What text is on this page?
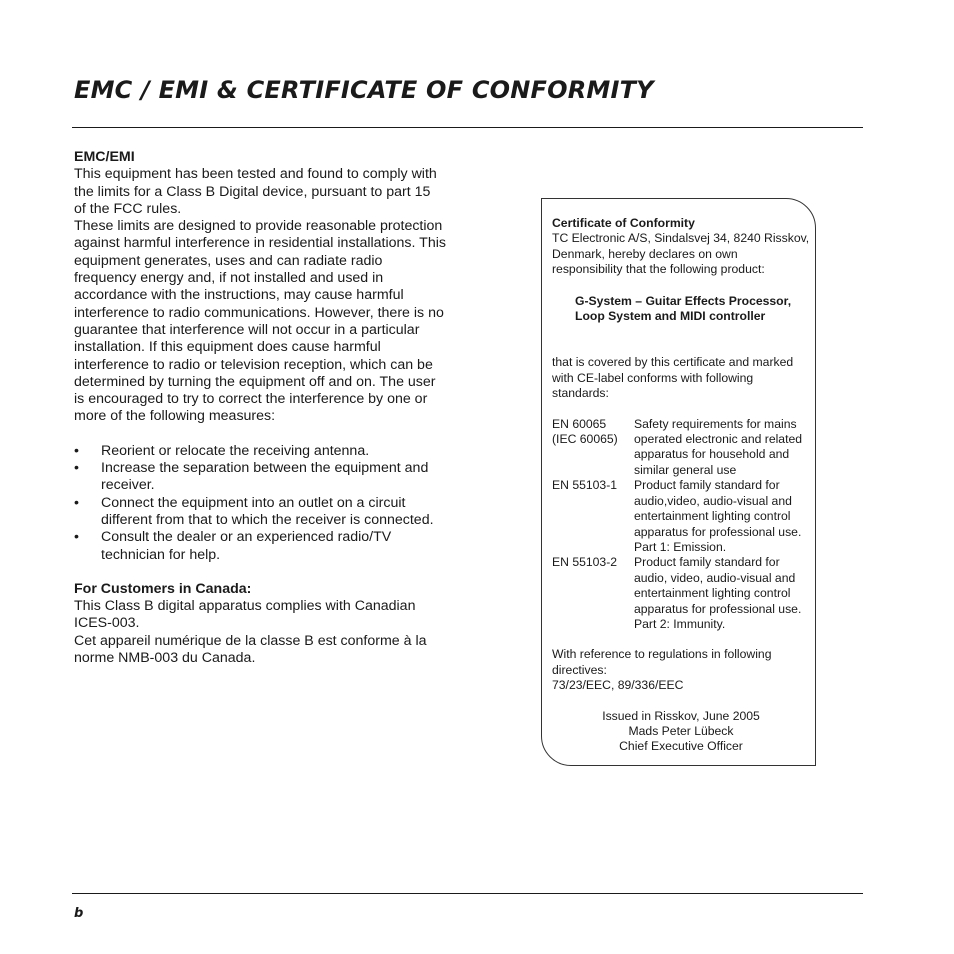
EMC / EMI & CERTIFICATE OF CONFORMITY

EMC/EMI

This equipment has been tested and found to comply with the limits for a Class B Digital device, pursuant to part 15 of the FCC rules.

These limits are designed to provide reasonable protection against harmful interference in residential installations. This equipment generates, uses and can radiate radio frequency energy and, if not installed and used in accordance with the instructions, may cause harmful interference to radio communications. However, there is no guarantee that interference will not occur in a particular installation. If this equipment does cause harmful interference to radio or television reception, which can be determined by turning the equipment off and on. The user is encouraged to try to correct the interference by one or more of the following measures:

• Reorient or relocate the receiving antenna.
• Increase the separation between the equipment and receiver.
• Connect the equipment into an outlet on a circuit different from that to which the receiver is connected.
• Consult the dealer or an experienced radio/TV technician for help.

For Customers in Canada:

This Class B digital apparatus complies with Canadian ICES-003.

Cet appareil numérique de la classe B est conforme à la norme NMB-003 du Canada.

Certificate of Conformity

TC Electronic A/S, Sindalsvej 34, 8240 Risskov, Denmark, hereby declares on own responsibility that the following product:

G-System – Guitar Effects Processor, Loop System and MIDI controller

that is covered by this certificate and marked with CE-label conforms with following standards:

EN 60065
(IEC 60065)
Safety requirements for mains operated electronic and related apparatus for household and similar general use
EN 55103-1	Product family standard for audio,video, audio-visual and entertainment lighting control apparatus for professional use. Part 1: Emission.
EN 55103-2	Product family standard for audio, video, audio-visual and entertainment lighting control apparatus for professional use. Part 2: Immunity.

With reference to regulations in following directives:

73/23/EEC, 89/336/EEC

Issued in Risskov, June 2005

Mads Peter Lübeck

Chief Executive Officer

b
